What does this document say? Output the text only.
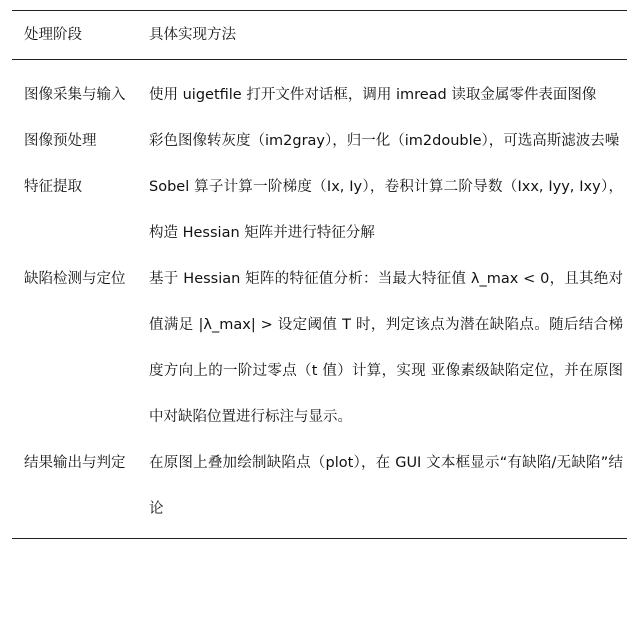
处理阶段	具体实现方法
图像采集与输入	使用 uigetfile 打开文件对话框，调用 imread 读取金属零件表面图像
图像预处理	彩色图像转灰度（im2gray），归一化（im2double），可选高斯滤波去噪
特征提取	Sobel 算子计算一阶梯度（Ix, Iy），卷积计算二阶导数（Ixx, Iyy, Ixy），构造 Hessian 矩阵并进行特征分解
缺陷检测与定位	基于 Hessian 矩阵的特征值分析：当最大特征值 λ_max < 0，且其绝对值满足 |λ_max| > 设定阈值 T 时，判定该点为潜在缺陷点。随后结合梯度方向上的一阶过零点（t 值）计算，实现 亚像素级缺陷定位，并在原图中对缺陷位置进行标注与显示。
结果输出与判定	在原图上叠加绘制缺陷点（plot），在 GUI 文本框显示“有缺陷/无缺陷”结论
